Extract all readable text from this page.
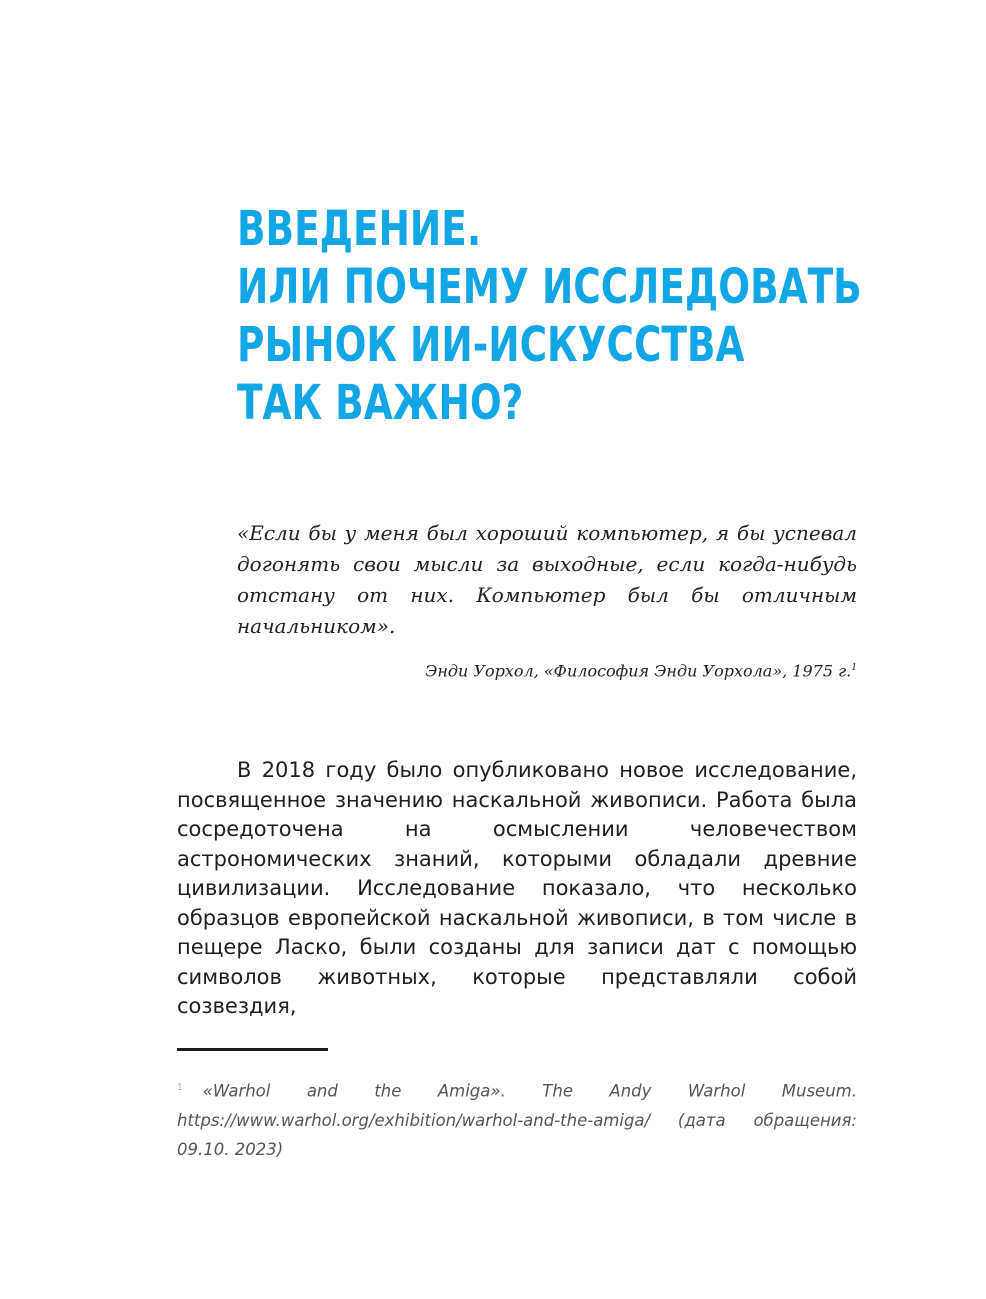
ВВЕДЕНИЕ.
ИЛИ ПОЧЕМУ ИССЛЕДОВАТЬ
РЫНОК ИИ-ИСКУССТВА
ТАК ВАЖНО?

«Если бы у меня был хороший компьютер, я бы успевал догонять свои мысли за выходные, если когда-нибудь отстану от них. Компьютер был бы отличным начальником».

Энди Уорхол, «Философия Энди Уорхола», 1975 г.$^1$

В 2018 году было опубликовано новое исследование, посвященное значению наскальной живописи. Работа была сосредоточена на осмыслении человечеством астрономических знаний, которыми обладали древние цивилизации. Исследование показало, что несколько образцов европейской наскальной живописи, в том числе в пещере Ласко, были созданы для записи дат с помощью символов животных, которые представляли собой созвездия,

$^1$ «Warhol and the Amiga». The Andy Warhol Museum. https://www.warhol.org/exhibition/warhol-and-the-amiga/ (дата обращения: 09.10. 2023)
